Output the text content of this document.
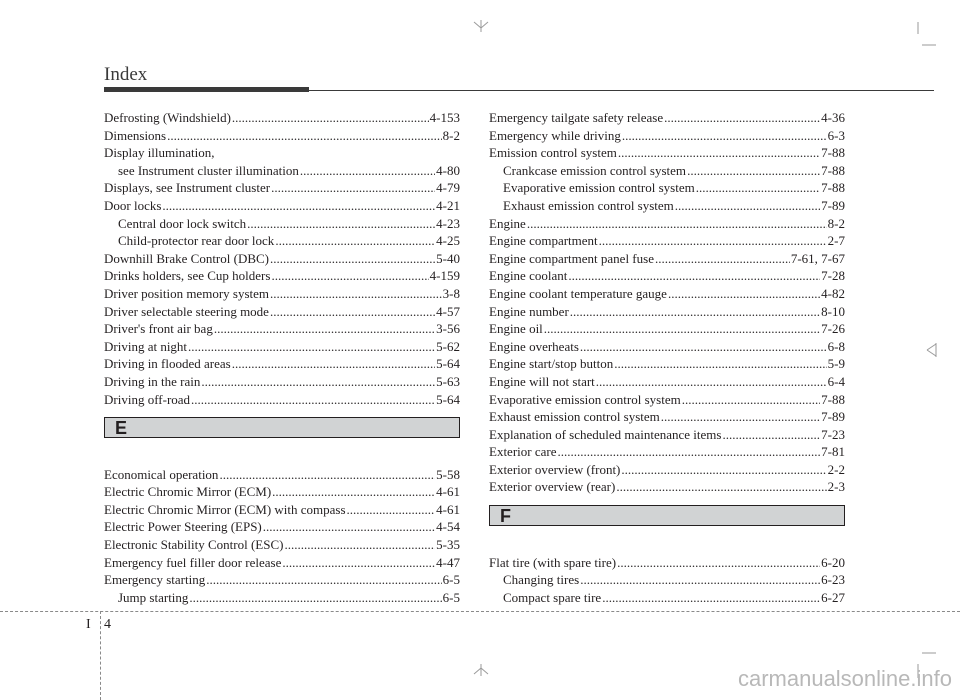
Index
Defrosting (Windshield) .....	4-153
Dimensions .....	8-2
Display illumination,
see Instrument cluster illumination .....	4-80
Displays, see Instrument cluster .....	4-79
Door locks .....	4-21
Central door lock switch .....	4-23
Child-protector rear door lock .....	4-25
Downhill Brake Control (DBC) .....	5-40
Drinks holders, see Cup holders .....	4-159
Driver position memory system .....	3-8
Driver selectable steering mode .....	4-57
Driver's front air bag .....	3-56
Driving at night .....	5-62
Driving in flooded areas .....	5-64
Driving in the rain .....	5-63
Driving off-road .....	5-64
E
Economical operation .....	5-58
Electric Chromic Mirror (ECM) .....	4-61
Electric Chromic Mirror (ECM) with compass .....	4-61
Electric Power Steering (EPS) .....	4-54
Electronic Stability Control (ESC) .....	5-35
Emergency fuel filler door release .....	4-47
Emergency starting .....	6-5
Jump starting .....	6-5
Emergency tailgate safety release .....	4-36
Emergency while driving .....	6-3
Emission control system .....	7-88
Crankcase emission control system .....	7-88
Evaporative emission control system .....	7-88
Exhaust emission control system .....	7-89
Engine .....	8-2
Engine compartment .....	2-7
Engine compartment panel fuse .....	7-61, 7-67
Engine coolant .....	7-28
Engine coolant temperature gauge .....	4-82
Engine number .....	8-10
Engine oil .....	7-26
Engine overheats .....	6-8
Engine start/stop button .....	5-9
Engine will not start .....	6-4
Evaporative emission control system .....	7-88
Exhaust emission control system .....	7-89
Explanation of scheduled maintenance items .....	7-23
Exterior care .....	7-81
Exterior overview (front) .....	2-2
Exterior overview (rear) .....	2-3
F
Flat tire (with spare tire) .....	6-20
Changing tires .....	6-23
Compact spare tire .....	6-27
I 4
carmanualsonline.info
